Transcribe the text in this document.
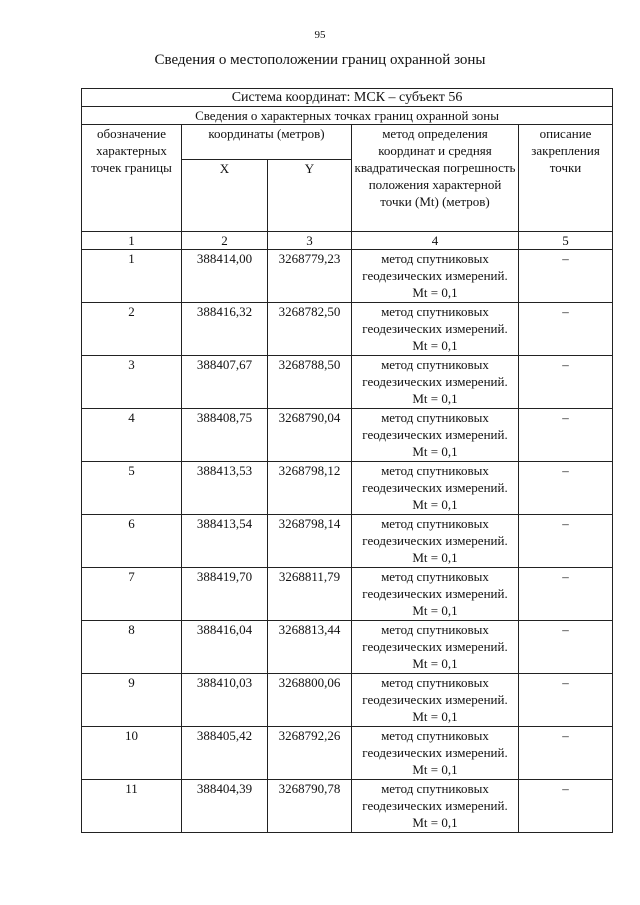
95
Сведения о местоположении границ охранной зоны
Система координат: МСК – субъект 56				
Сведения о характерных точках границ охранной зоны				
обозначение характерных точек границы	координаты (метров)		метод определения координат и средняя квадратическая погрешность положения характерной точки (Mt) (метров)	описание закрепления точки
	X	Y		
1	2	3	4	5
1	388414,00	3268779,23	метод спутниковых геодезических измерений. Mt = 0,1	–
2	388416,32	3268782,50	метод спутниковых геодезических измерений. Mt = 0,1	–
3	388407,67	3268788,50	метод спутниковых геодезических измерений. Mt = 0,1	–
4	388408,75	3268790,04	метод спутниковых геодезических измерений. Mt = 0,1	–
5	388413,53	3268798,12	метод спутниковых геодезических измерений. Mt = 0,1	–
6	388413,54	3268798,14	метод спутниковых геодезических измерений. Mt = 0,1	–
7	388419,70	3268811,79	метод спутниковых геодезических измерений. Mt = 0,1	–
8	388416,04	3268813,44	метод спутниковых геодезических измерений. Mt = 0,1	–
9	388410,03	3268800,06	метод спутниковых геодезических измерений. Mt = 0,1	–
10	388405,42	3268792,26	метод спутниковых геодезических измерений. Mt = 0,1	–
11	388404,39	3268790,78	метод спутниковых геодезических измерений. Mt = 0,1	–
